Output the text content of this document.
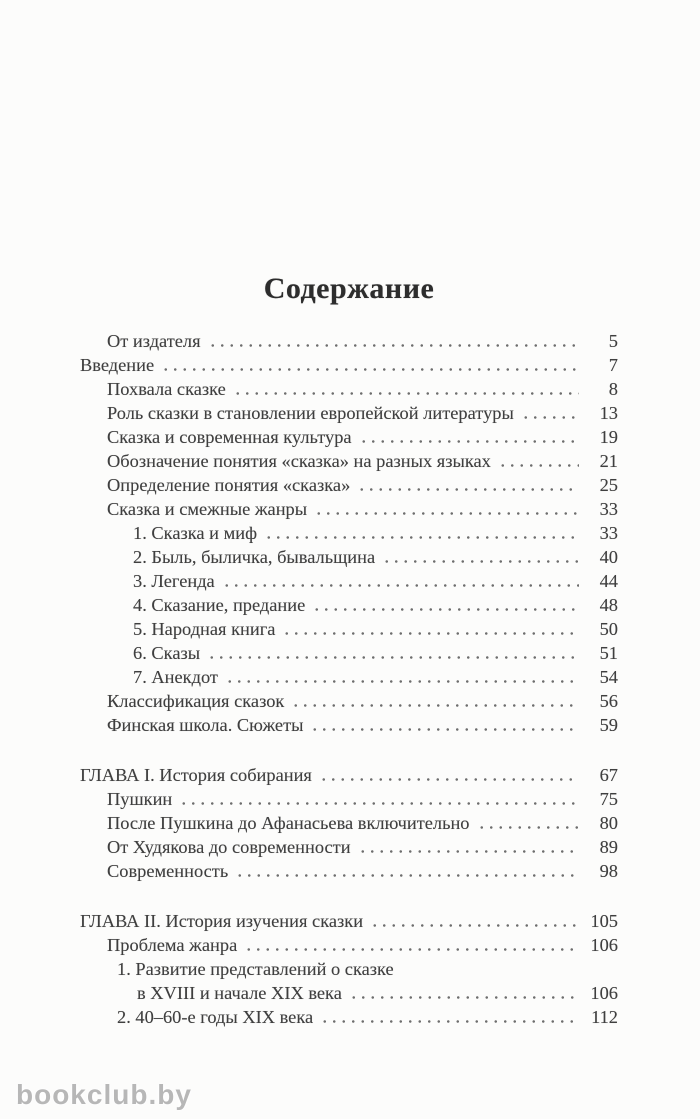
Содержание
От издателя	5
Введение	7
Похвала сказке	8
Роль сказки в становлении европейской литературы	13
Сказка и современная культура	19
Обозначение понятия «сказка» на разных языках	21
Определение понятия «сказка»	25
Сказка и смежные жанры	33
1. Сказка и миф	33
2. Быль, быличка, бывальщина	40
3. Легенда	44
4. Сказание, предание	48
5. Народная книга	50
6. Сказы	51
7. Анекдот	54
Классификация сказок	56
Финская школа. Сюжеты	59
ГЛАВА I. История собирания	67
Пушкин	75
После Пушкина до Афанасьева включительно	80
От Худякова до современности	89
Современность	98
ГЛАВА II. История изучения сказки	105
Проблема жанра	106
1. Развитие представлений о сказке
в XVIII и начале XIX века	106
2. 40–60-е годы XIX века	112
bookclub.by
